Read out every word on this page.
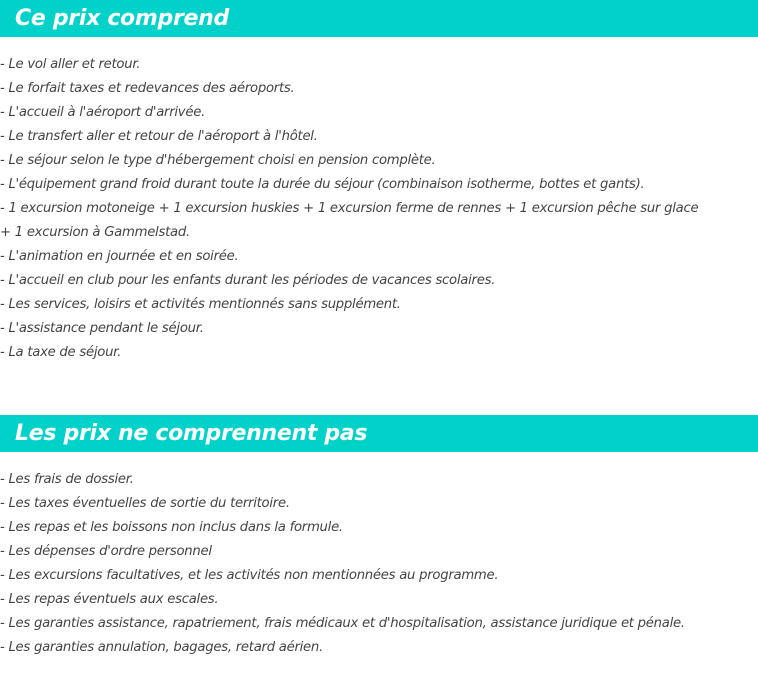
Ce prix comprend
- Le vol aller et retour.
- Le forfait taxes et redevances des aéroports.
- L'accueil à l'aéroport d'arrivée.
- Le transfert aller et retour de l'aéroport à l'hôtel.
- Le séjour selon le type d'hébergement choisi en pension complète.
- L'équipement grand froid durant toute la durée du séjour (combinaison isotherme, bottes et gants).
- 1 excursion motoneige + 1 excursion huskies + 1 excursion ferme de rennes + 1 excursion pêche sur glace + 1 excursion à Gammelstad.
- L'animation en journée et en soirée.
- L'accueil en club pour les enfants durant les périodes de vacances scolaires.
- Les services, loisirs et activités mentionnés sans supplément.
- L'assistance pendant le séjour.
- La taxe de séjour.
Les prix ne comprennent pas
- Les frais de dossier.
- Les taxes éventuelles de sortie du territoire.
- Les repas et les boissons non inclus dans la formule.
- Les dépenses d'ordre personnel
- Les excursions facultatives, et les activités non mentionnées au programme.
- Les repas éventuels aux escales.
- Les garanties assistance, rapatriement, frais médicaux et d'hospitalisation, assistance juridique et pénale.
- Les garanties annulation, bagages, retard aérien.
